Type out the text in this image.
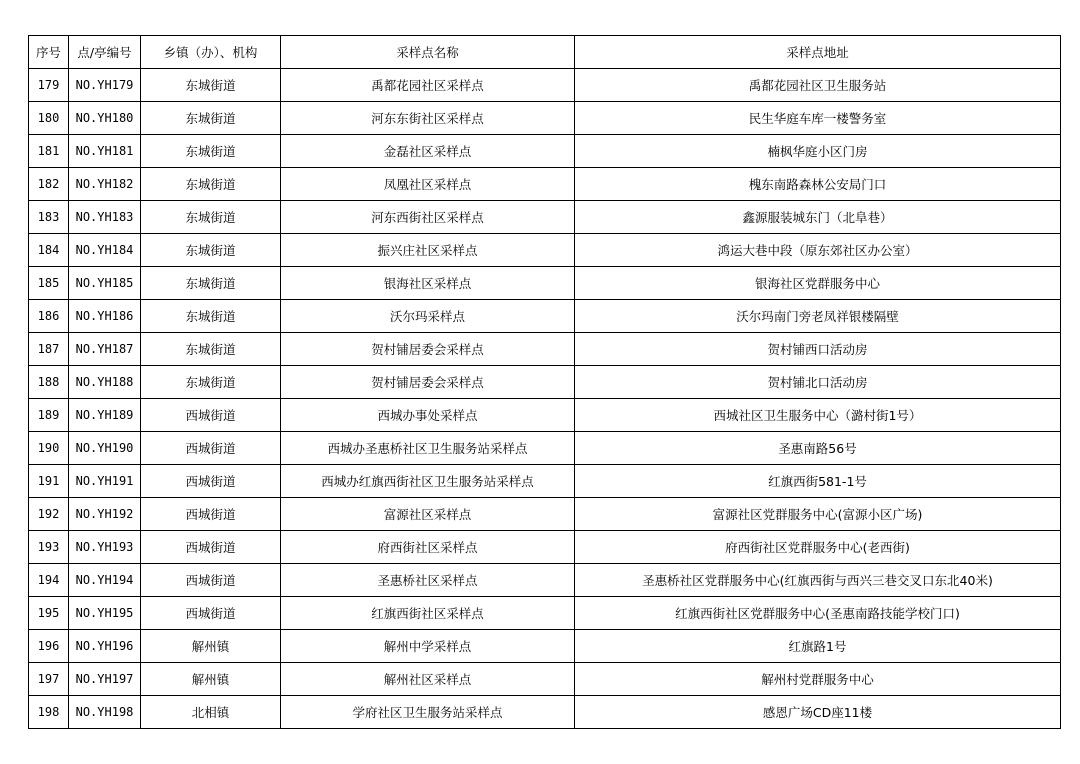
序号	点/亭编号	乡镇（办）、机构	采样点名称	采样点地址
179	NO.YH179	东城街道	禹都花园社区采样点	禹都花园社区卫生服务站
180	NO.YH180	东城街道	河东东街社区采样点	民生华庭车库一楼警务室
181	NO.YH181	东城街道	金磊社区采样点	楠枫华庭小区门房
182	NO.YH182	东城街道	凤凰社区采样点	槐东南路森林公安局门口
183	NO.YH183	东城街道	河东西街社区采样点	鑫源服装城东门（北阜巷）
184	NO.YH184	东城街道	振兴庄社区采样点	鸿运大巷中段（原东郊社区办公室）
185	NO.YH185	东城街道	银海社区采样点	银海社区党群服务中心
186	NO.YH186	东城街道	沃尔玛采样点	沃尔玛南门旁老凤祥银楼隔壁
187	NO.YH187	东城街道	贺村铺居委会采样点	贺村铺西口活动房
188	NO.YH188	东城街道	贺村铺居委会采样点	贺村铺北口活动房
189	NO.YH189	西城街道	西城办事处采样点	西城社区卫生服务中心（潞村街1号）
190	NO.YH190	西城街道	西城办圣惠桥社区卫生服务站采样点	圣惠南路56号
191	NO.YH191	西城街道	西城办红旗西街社区卫生服务站采样点	红旗西街581-1号
192	NO.YH192	西城街道	富源社区采样点	富源社区党群服务中心(富源小区广场)
193	NO.YH193	西城街道	府西街社区采样点	府西街社区党群服务中心(老西街)
194	NO.YH194	西城街道	圣惠桥社区采样点	圣惠桥社区党群服务中心(红旗西街与西兴三巷交叉口东北40米)
195	NO.YH195	西城街道	红旗西街社区采样点	红旗西街社区党群服务中心(圣惠南路技能学校门口)
196	NO.YH196	解州镇	解州中学采样点	红旗路1号
197	NO.YH197	解州镇	解州社区采样点	解州村党群服务中心
198	NO.YH198	北相镇	学府社区卫生服务站采样点	感恩广场CD座11楼
